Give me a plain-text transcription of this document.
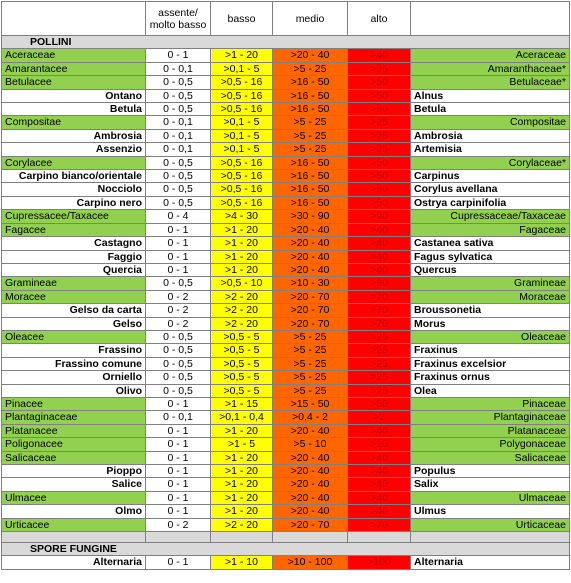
	assente/ molto basso	basso	medio	alto	
POLLINI					
Aceraceae	0 - 1	>1 - 20	>20 - 40	>40	Aceraceae
Amarantacee	0 - 0,1	>0,1 - 5	>5 - 25	>25	Amaranthaceae*
Betulacee	0 - 0,5	>0,5 - 16	>16 - 50	>50	Betulaceae*
Ontano	0 - 0,5	>0,5 - 16	>16 - 50	>50	Alnus
Betula	0 - 0,5	>0,5 - 16	>16 - 50	>50	Betula
Compositae	0 - 0,1	>0,1 - 5	>5 - 25	>25	Compositae
Ambrosia	0 - 0,1	>0,1 - 5	>5 - 25	>25	Ambrosia
Assenzio	0 - 0,1	>0,1 - 5	>5 - 25	>25	Artemisia
Corylacee	0 - 0,5	>0,5 - 16	>16 - 50	>50	Corylaceae*
Carpino bianco/orientale	0 - 0,5	>0,5 - 16	>16 - 50	>50	Carpinus
Nocciolo	0 - 0,5	>0,5 - 16	>16 - 50	>50	Corylus avellana
Carpino nero	0 - 0,5	>0,5 - 16	>16 - 50	>50	Ostrya carpinifolia
Cupressacee/Taxacee	0 - 4	>4 - 30	>30 - 90	>90	Cupressaceae/Taxaceae
Fagacee	0 - 1	>1 - 20	>20 - 40	>40	Fagaceae
Castagno	0 - 1	>1 - 20	>20 - 40	>40	Castanea sativa
Faggio	0 - 1	>1 - 20	>20 - 40	>40	Fagus sylvatica
Quercia	0 - 1	>1 - 20	>20 - 40	>40	Quercus
Gramineae	0 - 0,5	>0,5 - 10	>10 - 30	>30	Gramineae
Moracee	0 - 2	>2 - 20	>20 - 70	>70	Moraceae
Gelso da carta	0 - 2	>2 - 20	>20 - 70	>70	Broussonetia
Gelso	0 - 2	>2 - 20	>20 - 70	>70	Morus
Oleacee	0 - 0,5	>0,5 - 5	>5 - 25	>25	Oleaceae
Frassino	0 - 0,5	>0,5 - 5	>5 - 25	>25	Fraxinus
Frassino comune	0 - 0,5	>0,5 - 5	>5 - 25	>25	Fraxinus excelsior
Orniello	0 - 0,5	>0,5 - 5	>5 - 25	>25	Fraxinus ornus
Olivo	0 - 0,5	>0,5 - 5	>5 - 25	>25	Olea
Pinacee	0 - 1	>1 - 15	>15 - 50	>50	Pinaceae
Plantaginaceae	0 - 0,1	>0,1 - 0,4	>0,4 - 2	>2	Plantaginaceae
Platanacee	0 - 1	>1 - 20	>20 - 40	>40	Platanaceae
Poligonacee	0 - 1	>1 - 5	>5 - 10	>10	Polygonaceae
Salicaceae	0 - 1	>1 - 20	>20 - 40	>40	Salicaceae
Pioppo	0 - 1	>1 - 20	>20 - 40	>40	Populus
Salice	0 - 1	>1 - 20	>20 - 40	>40	Salix
Ulmacee	0 - 1	>1 - 20	>20 - 40	>40	Ulmaceae
Olmo	0 - 1	>1 - 20	>20 - 40	>40	Ulmus
Urticacee	0 - 2	>2 - 20	>20 - 70	>70	Urticaceae

SPORE FUNGINE					
Alternaria	0 - 1	>1 - 10	>10 - 100	>100	Alternaria
